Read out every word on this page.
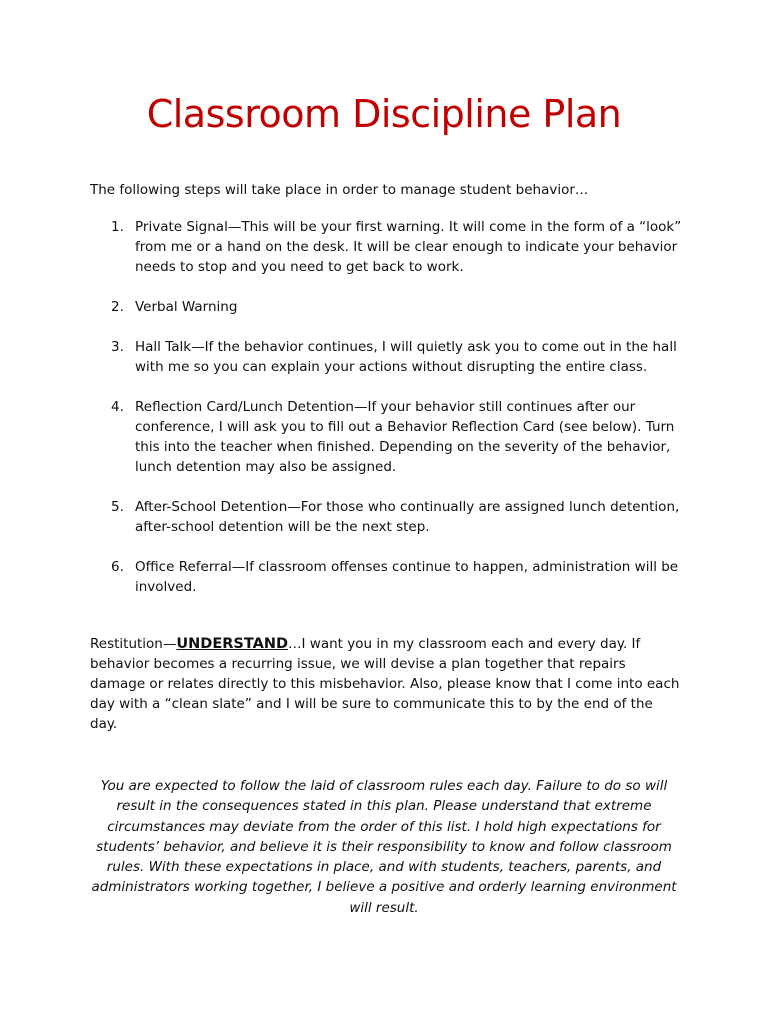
Classroom Discipline Plan

The following steps will take place in order to manage student behavior…

1. Private Signal—This will be your first warning. It will come in the form of a “look” from me or a hand on the desk. It will be clear enough to indicate your behavior needs to stop and you need to get back to work.
2. Verbal Warning
3. Hall Talk—If the behavior continues, I will quietly ask you to come out in the hall with me so you can explain your actions without disrupting the entire class.
4. Reflection Card/Lunch Detention—If your behavior still continues after our conference, I will ask you to fill out a Behavior Reflection Card (see below). Turn this into the teacher when finished. Depending on the severity of the behavior, lunch detention may also be assigned.
5. After-School Detention—For those who continually are assigned lunch detention, after-school detention will be the next step.
6. Office Referral—If classroom offenses continue to happen, administration will be involved.

Restitution—UNDERSTAND…I want you in my classroom each and every day. If behavior becomes a recurring issue, we will devise a plan together that repairs damage or relates directly to this misbehavior. Also, please know that I come into each day with a “clean slate” and I will be sure to communicate this to by the end of the day.

You are expected to follow the laid of classroom rules each day. Failure to do so will result in the consequences stated in this plan. Please understand that extreme circumstances may deviate from the order of this list. I hold high expectations for students’ behavior, and believe it is their responsibility to know and follow classroom rules. With these expectations in place, and with students, teachers, parents, and administrators working together, I believe a positive and orderly learning environment will result.
